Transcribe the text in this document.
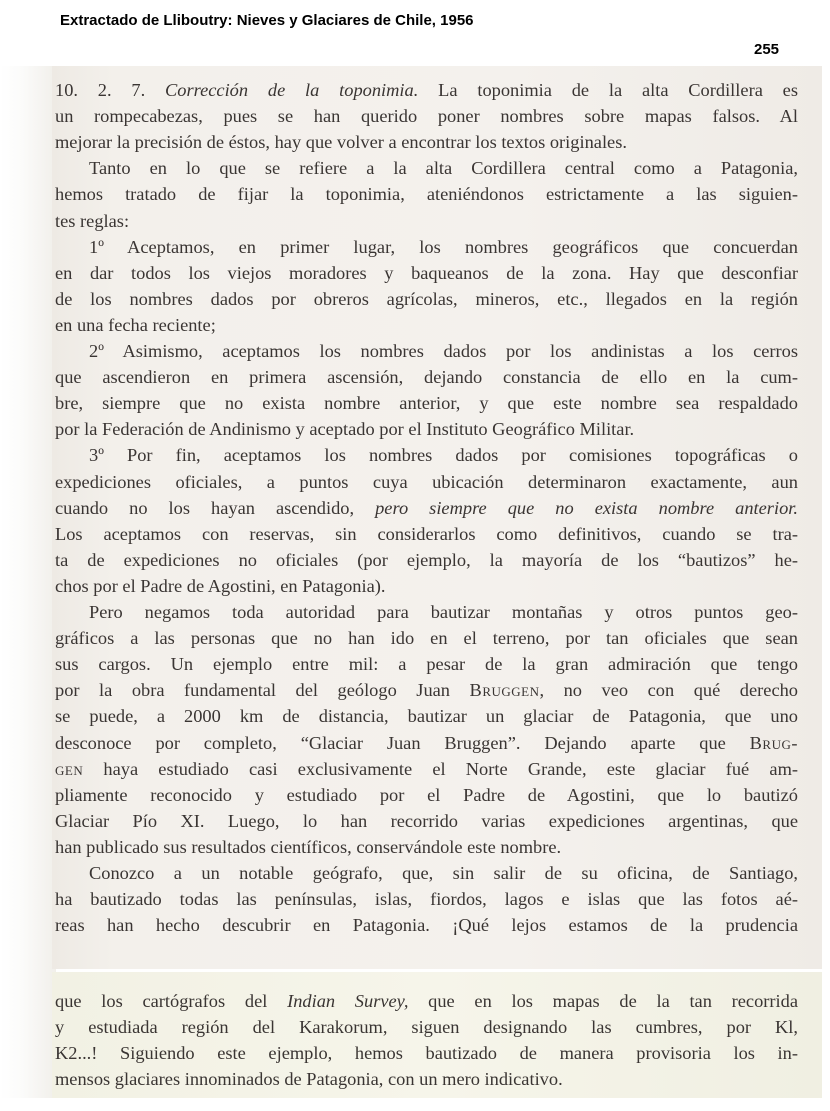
Extractado de Lliboutry: Nieves y Glaciares de Chile, 1956
255
10. 2. 7. Corrección de la toponimia. La toponimia de la alta Cordillera es
un rompecabezas, pues se han querido poner nombres sobre mapas falsos. Al
mejorar la precisión de éstos, hay que volver a encontrar los textos originales.
Tanto en lo que se refiere a la alta Cordillera central como a Patagonia,
hemos tratado de fijar la toponimia, ateniéndonos estrictamente a las siguien-
tes reglas:
1º Aceptamos, en primer lugar, los nombres geográficos que concuerdan
en dar todos los viejos moradores y baqueanos de la zona. Hay que desconfiar
de los nombres dados por obreros agrícolas, mineros, etc., llegados en la región
en una fecha reciente;
2º Asimismo, aceptamos los nombres dados por los andinistas a los cerros
que ascendieron en primera ascensión, dejando constancia de ello en la cum-
bre, siempre que no exista nombre anterior, y que este nombre sea respaldado
por la Federación de Andinismo y aceptado por el Instituto Geográfico Militar.
3º Por fin, aceptamos los nombres dados por comisiones topográficas o
expediciones oficiales, a puntos cuya ubicación determinaron exactamente, aun
cuando no los hayan ascendido, pero siempre que no exista nombre anterior.
Los aceptamos con reservas, sin considerarlos como definitivos, cuando se tra-
ta de expediciones no oficiales (por ejemplo, la mayoría de los “bautizos” he-
chos por el Padre de Agostini, en Patagonia).
Pero negamos toda autoridad para bautizar montañas y otros puntos geo-
gráficos a las personas que no han ido en el terreno, por tan oficiales que sean
sus cargos. Un ejemplo entre mil: a pesar de la gran admiración que tengo
por la obra fundamental del geólogo Juan Bruggen, no veo con qué derecho
se puede, a 2000 km de distancia, bautizar un glaciar de Patagonia, que uno
desconoce por completo, “Glaciar Juan Bruggen”. Dejando aparte que Brug-
gen haya estudiado casi exclusivamente el Norte Grande, este glaciar fué am-
pliamente reconocido y estudiado por el Padre de Agostini, que lo bautizó
Glaciar Pío XI. Luego, lo han recorrido varias expediciones argentinas, que
han publicado sus resultados científicos, conservándole este nombre.
Conozco a un notable geógrafo, que, sin salir de su oficina, de Santiago,
ha bautizado todas las penínsulas, islas, fiordos, lagos e islas que las fotos aé-
reas han hecho descubrir en Patagonia. ¡Qué lejos estamos de la prudencia
que los cartógrafos del Indian Survey, que en los mapas de la tan recorrida
y estudiada región del Karakorum, siguen designando las cumbres, por Kl,
K2...! Siguiendo este ejemplo, hemos bautizado de manera provisoria los in-
mensos glaciares innominados de Patagonia, con un mero indicativo.
